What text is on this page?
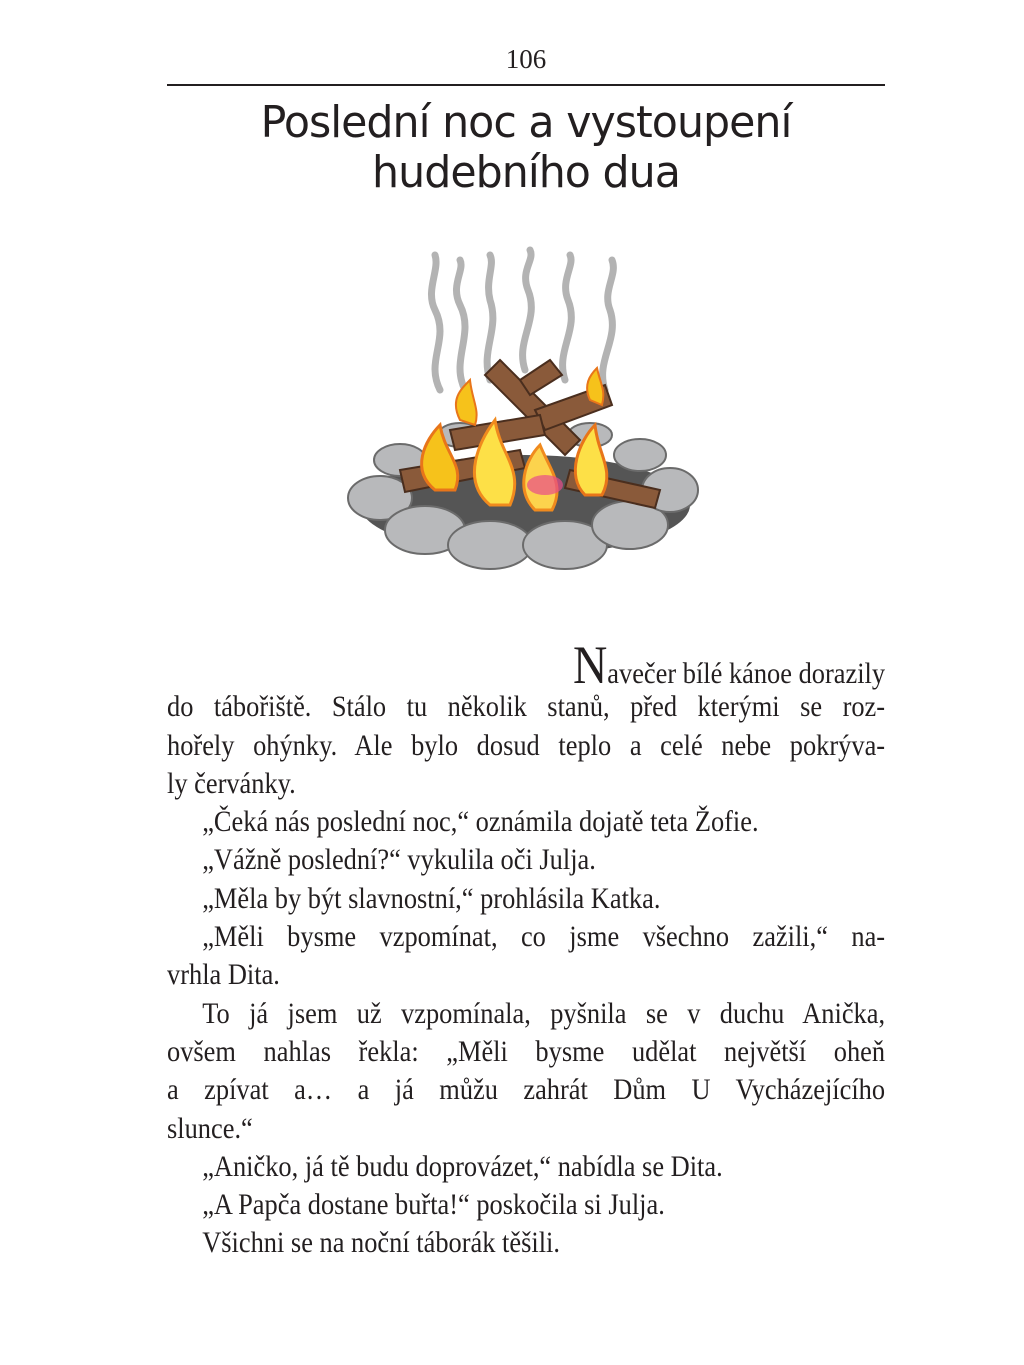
106
Poslední noc a vystoupení
hudebního dua
Navečer bílé kánoe dorazily
do tábořiště. Stálo tu několik stanů, před kterými se roz-
hořely ohýnky. Ale bylo dosud teplo a celé nebe pokrýva-
ly červánky.
„Čeká nás poslední noc,“ oznámila dojatě teta Žofie.
„Vážně poslední?“ vykulila oči Julja.
„Měla by být slavnostní,“ prohlásila Katka.
„Měli bysme vzpomínat, co jsme všechno zažili,“ na-
vrhla Dita.
To já jsem už vzpomínala, pyšnila se v duchu Anička,
ovšem nahlas řekla: „Měli bysme udělat největší oheň
a zpívat a… a já můžu zahrát Dům U Vycházejícího
slunce.“
„Aničko, já tě budu doprovázet,“ nabídla se Dita.
„A Papča dostane buřta!“ poskočila si Julja.
Všichni se na noční táborák těšili.
